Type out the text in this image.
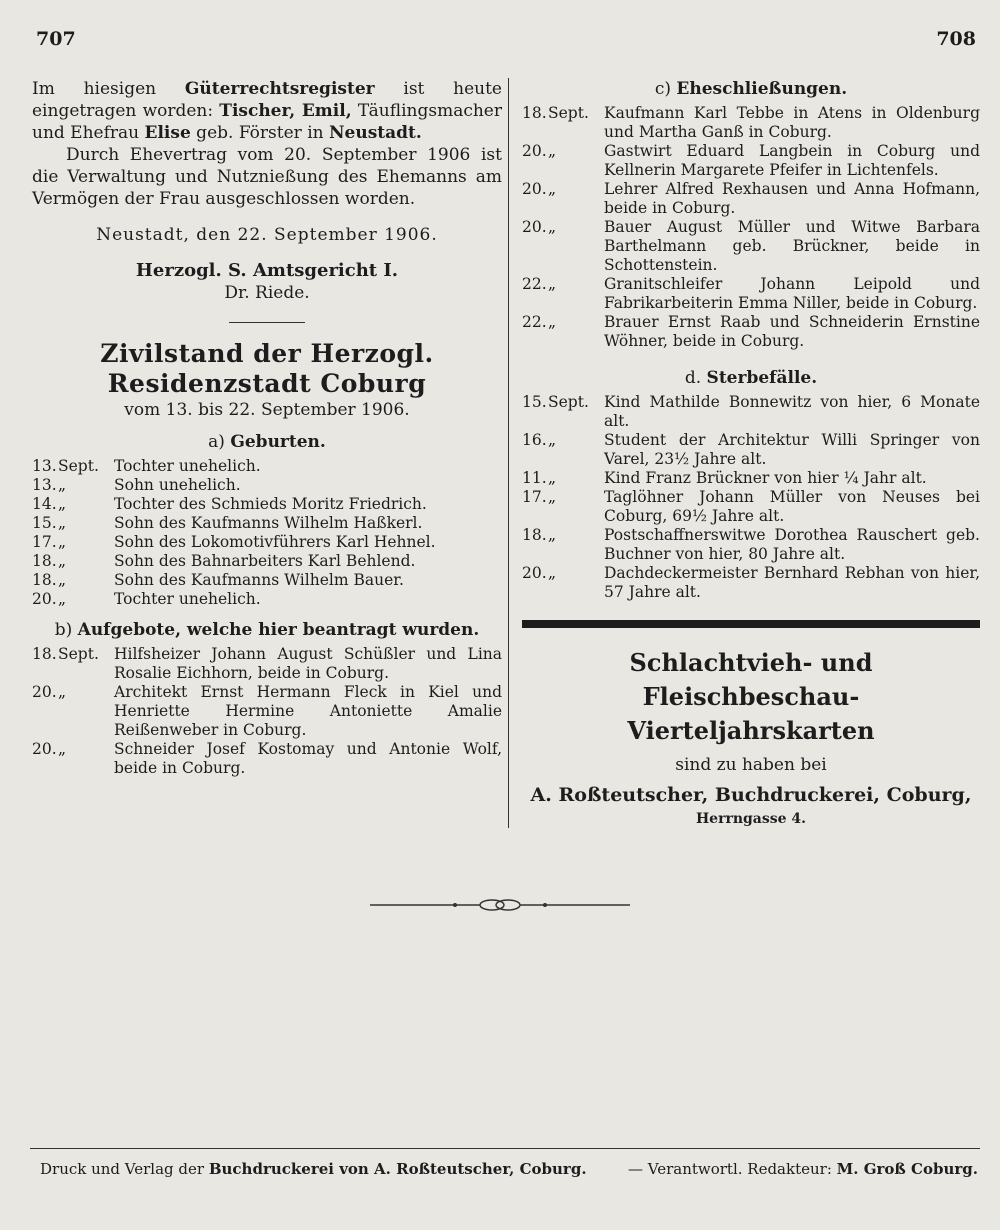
707	708

Im hiesigen Güterrechtsregister ist heute eingetragen worden: Tischer, Emil, Täuflingsmacher und Ehefrau Elise geb. Förster in Neustadt.

Durch Ehevertrag vom 20. September 1906 ist die Verwaltung und Nutznießung des Ehemanns am Vermögen der Frau ausgeschlossen worden.

Neustadt, den 22. September 1906.
Herzogl. S. Amtsgericht I.
Dr. Riede.
Zivilstand der Herzogl. Residenzstadt Coburg
vom 13. bis 22. September 1906.
a) Geburten.
13. Sept. Tochter unehelich.
13. „	Sohn unehelich.
14. „	Tochter des Schmieds Moritz Friedrich.
15. „	Sohn des Kaufmanns Wilhelm Haßkerl.
17. „	Sohn des Lokomotivführers Karl Hehnel.
18. „	Sohn des Bahnarbeiters Karl Behlend.
18. „	Sohn des Kaufmanns Wilhelm Bauer.
20. „	Tochter unehelich.
b) Aufgebote, welche hier beantragt wurden.
18. Sept. Hilfsheizer Johann August Schüßler und Lina Rosalie Eichhorn, beide in Coburg.
20. „	Architekt Ernst Hermann Fleck in Kiel und Henriette Hermine Antoniette Amalie Reißenweber in Coburg.
20. „	Schneider Josef Kostomay und Antonie Wolf, beide in Coburg.
c) Eheschließungen.
18. Sept. Kaufmann Karl Tebbe in Atens in Oldenburg und Martha Ganß in Coburg.
20. „	Gastwirt Eduard Langbein in Coburg und Kellnerin Margarete Pfeifer in Lichtenfels.
20. „	Lehrer Alfred Rexhausen und Anna Hofmann, beide in Coburg.
20. „	Bauer August Müller und Witwe Barbara Barthelmann geb. Brückner, beide in Schottenstein.
22. „	Granitschleifer Johann Leipold und Fabrikarbeiterin Emma Niller, beide in Coburg.
22. „	Brauer Ernst Raab und Schneiderin Ernstine Wöhner, beide in Coburg.
d. Sterbefälle.
15. Sept. Kind Mathilde Bonnewitz von hier, 6 Monate alt.
16. „	Student der Architektur Willi Springer von Varel, 23½ Jahre alt.
11. „	Kind Franz Brückner von hier ¼ Jahr alt.
17. „	Taglöhner Johann Müller von Neuses bei Coburg, 69½ Jahre alt.
18. „	Postschaffnerswitwe Dorothea Rauschert geb. Buchner von hier, 80 Jahre alt.
20. „	Dachdeckermeister Bernhard Rebhan von hier, 57 Jahre alt.
Schlachtvieh- und Fleischbeschau-
Vierteljahrskarten
sind zu haben bei
A. Roßteutscher, Buchdruckerei, Coburg, Herrngasse 4.
Druck und Verlag der Buchdruckerei von A. Roßteutscher, Coburg.	— Verantwortl. Redakteur: M. Groß Coburg.
